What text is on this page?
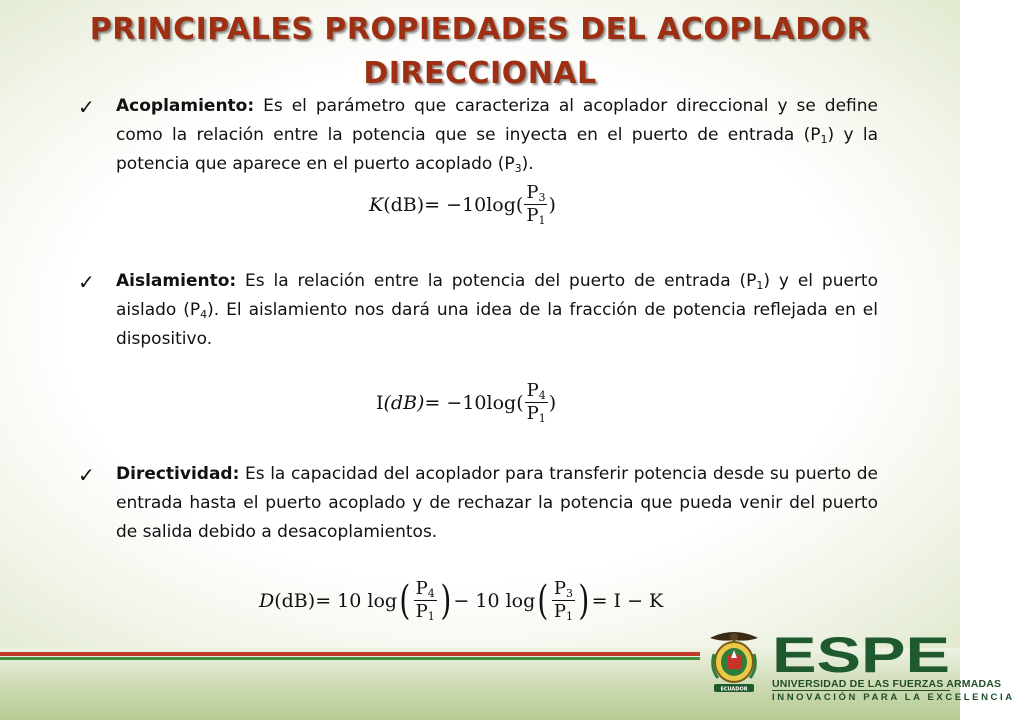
PRINCIPALES PROPIEDADES DEL ACOPLADOR DIRECCIONAL
✓ Acoplamiento: Es el parámetro que caracteriza al acoplador direccional y se define como la relación entre la potencia que se inyecta en el puerto de entrada $(P_1)$ y la potencia que aparece en el puerto acoplado $(P_3)$.
K $(dB) = -10\log( \frac{P_3}{P_1}$ )
✓ Aislamiento: Es la relación entre la potencia del puerto de entrada $(P_1)$ y el puerto aislado $(P_4)$. El aislamiento nos dará una idea de la fracción de potencia reflejada en el dispositivo.
I $(dB) = -10\log( \frac{P_4}{P_1}$ )
✓ Directividad: Es la capacidad del acoplador para transferir potencia desde su puerto de entrada hasta el puerto acoplado y de rechazar la potencia que pueda venir del puerto de salida debido a desacoplamientos.
D (dB) = 10 log ( $\frac{P_4}{P_1}$ ) − 10 log ( $\frac{P_3}{P_1}$ ) = I − K
ECUADOR
ESPE
UNIVERSIDAD DE LAS FUERZAS ARMADAS
INNOVACIÓN PARA LA EXCELENCIA
